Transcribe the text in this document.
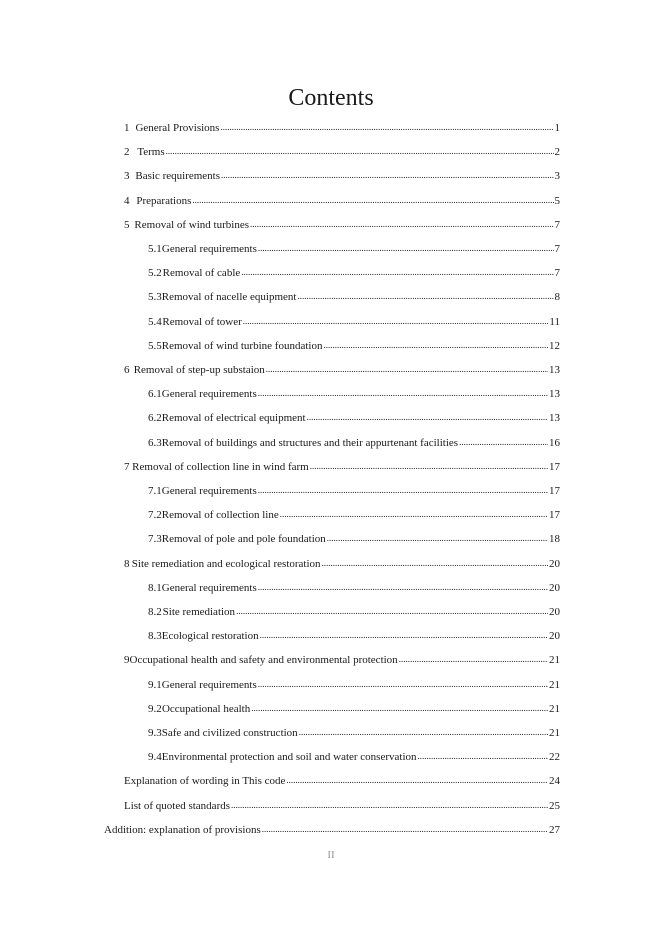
Contents
1 General Provisions .....	1
2 Terms .....	2
3 Basic requirements .....	3
4 Preparations .....	5
5 Removal of wind turbines .....	7
5.1 General requirements .....	7
5.2 Removal of cable .....	7
5.3 Removal of nacelle equipment .....	8
5.4 Removal of tower .....	11
5.5 Removal of wind turbine foundation .....	12
6 Removal of step-up substaion .....	13
6.1 General requirements .....	13
6.2 Removal of electrical equipment .....	13
6.3 Removal of buildings and structures and their appurtenant facilities .....	16
7 Removal of collection line in wind farm .....	17
7.1 General requirements .....	17
7.2 Removal of collection line .....	17
7.3 Removal of pole and pole foundation .....	18
8 Site remediation and ecological restoration .....	20
8.1 General requirements .....	20
8.2 Site remediation .....	20
8.3 Ecological restoration .....	20
9 Occupational health and safety and environmental protection .....	21
9.1 General requirements .....	21
9.2 Occupational health .....	21
9.3 Safe and civilized construction .....	21
9.4 Environmental protection and soil and water conservation .....	22
Explanation of wording in This code .....	24
List of quoted standards .....	25
Addition: explanation of provisions .....	27
II
